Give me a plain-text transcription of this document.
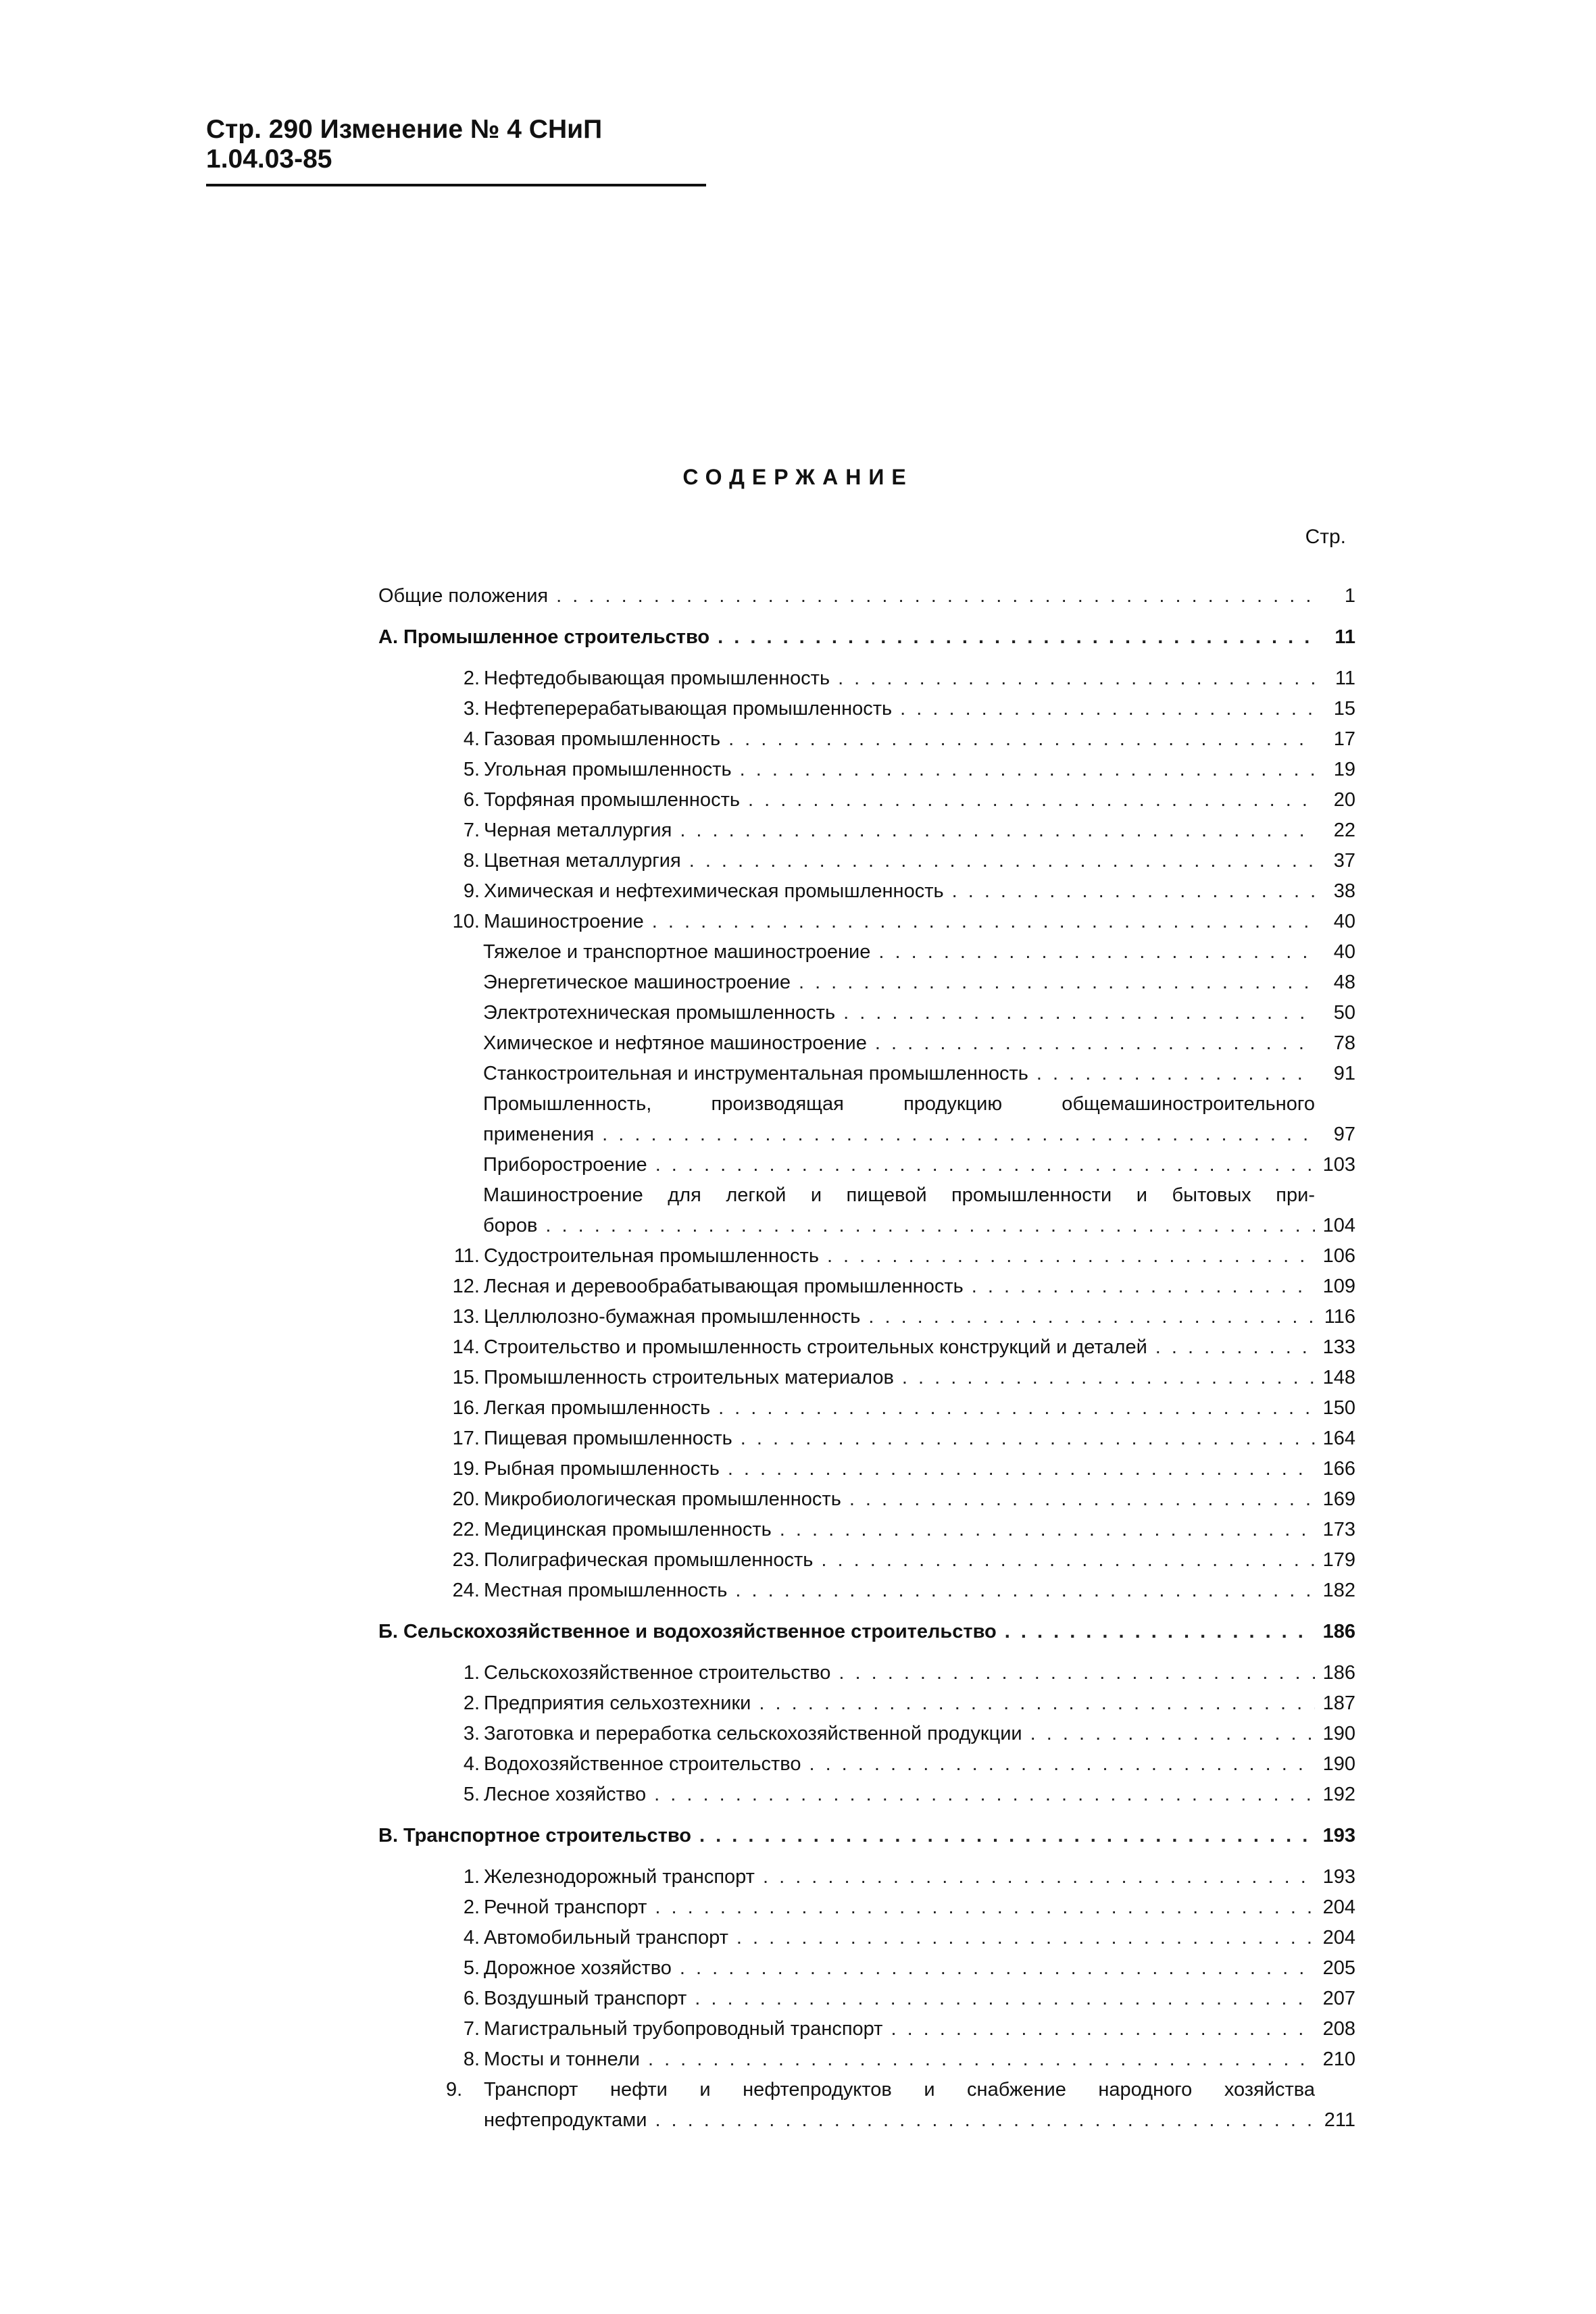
Стр. 290 Изменение № 4 СНиП 1.04.03-85
СОДЕРЖАНИЕ
Стр.
Общие положения . . .	1
А. Промышленное строительство . . .	11
2. Нефтедобывающая промышленность . . .	11
3. Нефтеперерабатывающая промышленность . . .	15
4. Газовая промышленность . . .	17
5. Угольная промышленность . . .	19
6. Торфяная промышленность . . .	20
7. Черная металлургия . . .	22
8. Цветная металлургия . . .	37
9. Химическая и нефтехимическая промышленность . . .	38
10. Машиностроение . . .	40
Тяжелое и транспортное машиностроение . . .	40
Энергетическое машиностроение . . .	48
Электротехническая промышленность . . .	50
Химическое и нефтяное машиностроение . . .	78
Станкостроительная и инструментальная промышленность . . .	91
Промышленность, производящая продукцию общемашиностроительного
применения . . .	97
Приборостроение . . .	103
Машиностроение для легкой и пищевой промышленности и бытовых при-
боров . . .	104
11. Судостроительная промышленность . . .	106
12. Лесная и деревообрабатывающая промышленность . . .	109
13. Целлюлозно-бумажная промышленность . . .	116
14. Строительство и промышленность строительных конструкций и деталей . . .	133
15. Промышленность строительных материалов . . .	148
16. Легкая промышленность . . .	150
17. Пищевая промышленность . . .	164
19. Рыбная промышленность . . .	166
20. Микробиологическая промышленность . . .	169
22. Медицинская промышленность . . .	173
23. Полиграфическая промышленность . . .	179
24. Местная промышленность . . .	182
Б. Сельскохозяйственное и водохозяйственное строительство . . .	186
1. Сельскохозяйственное строительство . . .	186
2. Предприятия сельхозтехники . . .	187
3. Заготовка и переработка сельскохозяйственной продукции . . .	190
4. Водохозяйственное строительство . . .	190
5. Лесное хозяйство . . .	192
В. Транспортное строительство . . .	193
1. Железнодорожный транспорт . . .	193
2. Речной транспорт . . .	204
4. Автомобильный транспорт . . .	204
5. Дорожное хозяйство . . .	205
6. Воздушный транспорт . . .	207
7. Магистральный трубопроводный транспорт . . .	208
8. Мосты и тоннели . . .	210
9.	Транспорт нефти и нефтепродуктов и снабжение народного хозяйства
нефтепродуктами . . .	211
